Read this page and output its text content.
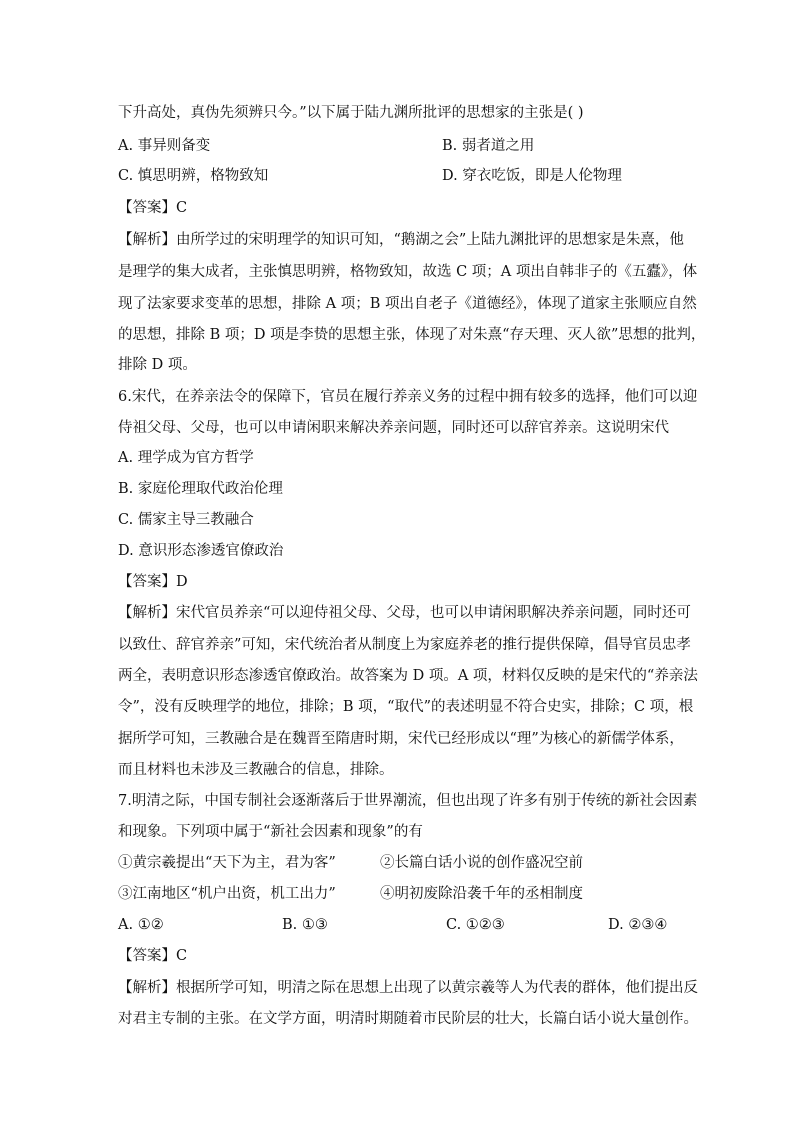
下升高处，真伪先须辨只今。”以下属于陆九渊所批评的思想家的主张是( )
A. 事异则备变	B. 弱者道之用
C. 慎思明辨，格物致知	D. 穿衣吃饭，即是人伦物理
【答案】C
【解析】由所学过的宋明理学的知识可知，“鹅湖之会”上陆九渊批评的思想家是朱熹，他
是理学的集大成者，主张慎思明辨，格物致知，故选 C 项；A 项出自韩非子的《五蠹》，体
现了法家要求变革的思想，排除 A 项；B 项出自老子《道德经》，体现了道家主张顺应自然
的思想，排除 B 项；D 项是李贽的思想主张，体现了对朱熹“存天理、灭人欲”思想的批判，
排除 D 项。
6.宋代，在养亲法令的保障下，官员在履行养亲义务的过程中拥有较多的选择，他们可以迎
侍祖父母、父母，也可以申请闲职来解决养亲问题，同时还可以辞官养亲。这说明宋代
A. 理学成为官方哲学
B. 家庭伦理取代政治伦理
C. 儒家主导三教融合
D. 意识形态渗透官僚政治
【答案】D
【解析】宋代官员养亲“可以迎侍祖父母、父母，也可以申请闲职解决养亲问题，同时还可
以致仕、辞官养亲”可知，宋代统治者从制度上为家庭养老的推行提供保障，倡导官员忠孝
两全，表明意识形态渗透官僚政治。故答案为 D 项。A 项，材料仅反映的是宋代的“养亲法
令”，没有反映理学的地位，排除；B 项，“取代”的表述明显不符合史实，排除；C 项，根
据所学可知，三教融合是在魏晋至隋唐时期，宋代已经形成以“理”为核心的新儒学体系，
而且材料也未涉及三教融合的信息，排除。
7.明清之际，中国专制社会逐渐落后于世界潮流，但也出现了许多有别于传统的新社会因素
和现象。下列项中属于“新社会因素和现象”的有
①黄宗羲提出“天下为主，君为客”	②长篇白话小说的创作盛况空前
③江南地区“机户出资，机工出力”	④明初废除沿袭千年的丞相制度
A. ①②	B. ①③	C. ①②③	D. ②③④
【答案】C
【解析】根据所学可知，明清之际在思想上出现了以黄宗羲等人为代表的群体，他们提出反
对君主专制的主张。在文学方面，明清时期随着市民阶层的壮大，长篇白话小说大量创作。
